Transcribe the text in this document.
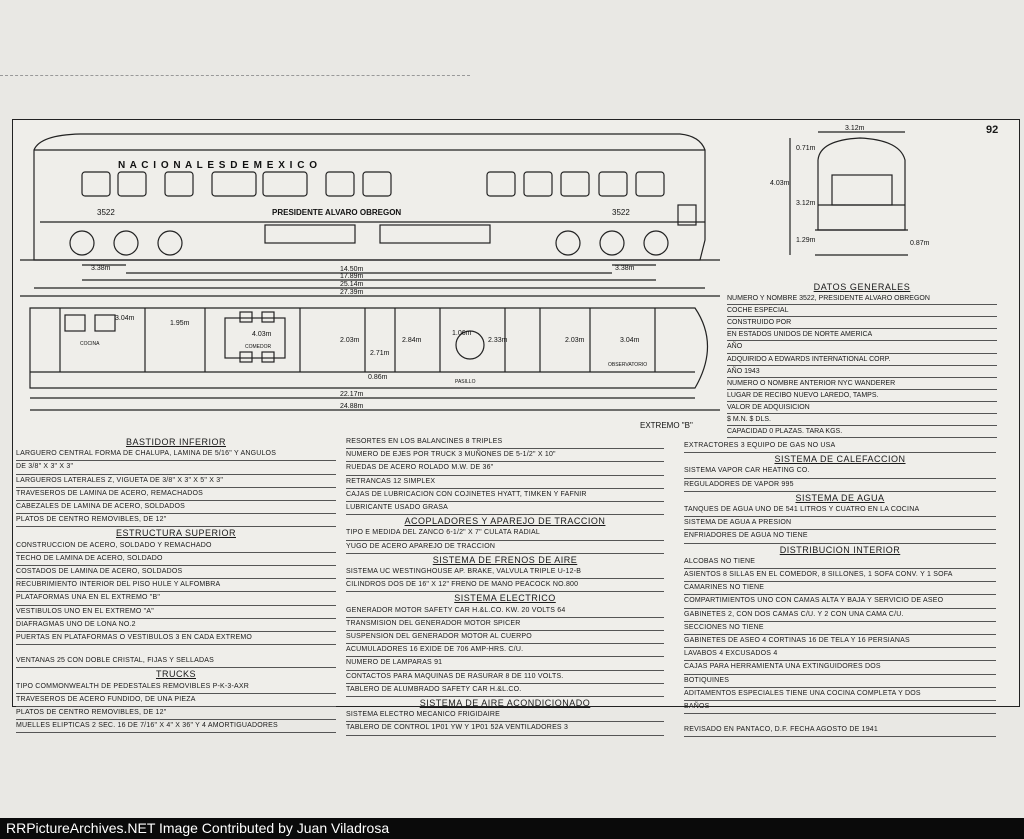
92
N A C I O N A L E S D E M E X I C O
PRESIDENTE ALVARO OBREGON
3522	3522
3.38m	3.38m
14.50m
17.89m
25.14m
27.39m
22.17m
24.88m
3.12m
0.71m
4.03m
3.12m
1.29m	0.87m
3.04m
1.95m
4.03m
2.03m
2.71m
2.84m
1.06m
2.33m	2.03m	3.04m
0.86m
COCINA	COMEDOR
PASILLO
OBSERVATORIO
EXTREMO "B"
DATOS GENERALES
NUMERO Y NOMBRE 3522, PRESIDENTE ALVARO OBREGON
COCHE ESPECIAL
CONSTRUIDO POR
EN ESTADOS UNIDOS DE NORTE AMERICA
AÑO
ADQUIRIDO A EDWARDS INTERNATIONAL CORP.
AÑO 1943
NUMERO O NOMBRE ANTERIOR NYC WANDERER
LUGAR DE RECIBO NUEVO LAREDO, TAMPS.
VALOR DE ADQUISICION
$ M.N. $ DLS.
CAPACIDAD 0 PLAZAS. TARA KGS.
BASTIDOR INFERIOR
LARGUERO CENTRAL FORMA DE CHALUPA, LAMINA DE 5/16" Y ANGULOS
DE 3/8" X 3" X 3"
LARGUEROS LATERALES Z, VIGUETA DE 3/8" X 3" X 5" X 3"
TRAVESEROS DE LAMINA DE ACERO, REMACHADOS
CABEZALES DE LAMINA DE ACERO, SOLDADOS
PLATOS DE CENTRO REMOVIBLES, DE 12"
ESTRUCTURA SUPERIOR
CONSTRUCCION DE ACERO, SOLDADO Y REMACHADO
TECHO DE LAMINA DE ACERO, SOLDADO
COSTADOS DE LAMINA DE ACERO, SOLDADOS
RECUBRIMIENTO INTERIOR DEL PISO HULE Y ALFOMBRA
PLATAFORMAS UNA EN EL EXTREMO "B"
VESTIBULOS UNO EN EL EXTREMO "A"
DIAFRAGMAS UNO DE LONA NO.2
PUERTAS EN PLATAFORMAS O VESTIBULOS 3 EN CADA EXTREMO
VENTANAS 25 CON DOBLE CRISTAL, FIJAS Y SELLADAS
TRUCKS
TIPO COMMONWEALTH DE PEDESTALES REMOVIBLES P-K-3-AXR
TRAVESEROS DE ACERO FUNDIDO, DE UNA PIEZA
PLATOS DE CENTRO REMOVIBLES, DE 12"
MUELLES ELIPTICAS 2 SEC. 16 DE 7/16" X 4" X 36" Y 4 AMORTIGUADORES
RESORTES EN LOS BALANCINES 8 TRIPLES
NUMERO DE EJES POR TRUCK 3 MUÑONES DE 5-1/2" X 10"
RUEDAS DE ACERO ROLADO M.W. DE 36"
RETRANCAS 12 SIMPLEX
CAJAS DE LUBRICACION CON COJINETES HYATT, TIMKEN Y FAFNIR
LUBRICANTE USADO GRASA
ACOPLADORES Y APAREJO DE TRACCION
TIPO E MEDIDA DEL ZANCO 6-1/2" X 7" CULATA RADIAL
YUGO DE ACERO APAREJO DE TRACCION
SISTEMA DE FRENOS DE AIRE
SISTEMA UC WESTINGHOUSE AP. BRAKE, VALVULA TRIPLE U-12-B
CILINDROS DOS DE 16" X 12" FRENO DE MANO PEACOCK NO.800
SISTEMA ELECTRICO
GENERADOR MOTOR SAFETY CAR H.&L.CO. KW. 20 VOLTS 64
TRANSMISION DEL GENERADOR MOTOR SPICER
SUSPENSION DEL GENERADOR MOTOR AL CUERPO
ACUMULADORES 16 EXIDE DE 706 AMP-HRS. C/U.
NUMERO DE LAMPARAS 91
CONTACTOS PARA MAQUINAS DE RASURAR 8 DE 110 VOLTS.
TABLERO DE ALUMBRADO SAFETY CAR H.&L.CO.
SISTEMA DE AIRE ACONDICIONADO
SISTEMA ELECTRO MECANICO FRIGIDAIRE
TABLERO DE CONTROL 1P01 YW Y 1P01 52A VENTILADORES 3
EXTRACTORES 3 EQUIPO DE GAS NO USA
SISTEMA DE CALEFACCION
SISTEMA VAPOR CAR HEATING CO.
REGULADORES DE VAPOR 995
SISTEMA DE AGUA
TANQUES DE AGUA UNO DE 541 LITROS Y CUATRO EN LA COCINA
SISTEMA DE AGUA A PRESION
ENFRIADORES DE AGUA NO TIENE
DISTRIBUCION INTERIOR
ALCOBAS NO TIENE
ASIENTOS 8 SILLAS EN EL COMEDOR, 8 SILLONES, 1 SOFA CONV. Y 1 SOFA
CAMARINES NO TIENE
COMPARTIMIENTOS UNO CON CAMAS ALTA Y BAJA Y SERVICIO DE ASEO
GABINETES 2, CON DOS CAMAS C/U. Y 2 CON UNA CAMA C/U.
SECCIONES NO TIENE
GABINETES DE ASEO 4 CORTINAS 16 DE TELA Y 16 PERSIANAS
LAVABOS 4 EXCUSADOS 4
CAJAS PARA HERRAMIENTA UNA EXTINGUIDORES DOS
BOTIQUINES
ADITAMENTOS ESPECIALES TIENE UNA COCINA COMPLETA Y DOS
BAÑOS
REVISADO EN PANTACO, D.F. FECHA AGOSTO DE 1941
RRPictureArchives.NET Image Contributed by Juan Viladrosa
